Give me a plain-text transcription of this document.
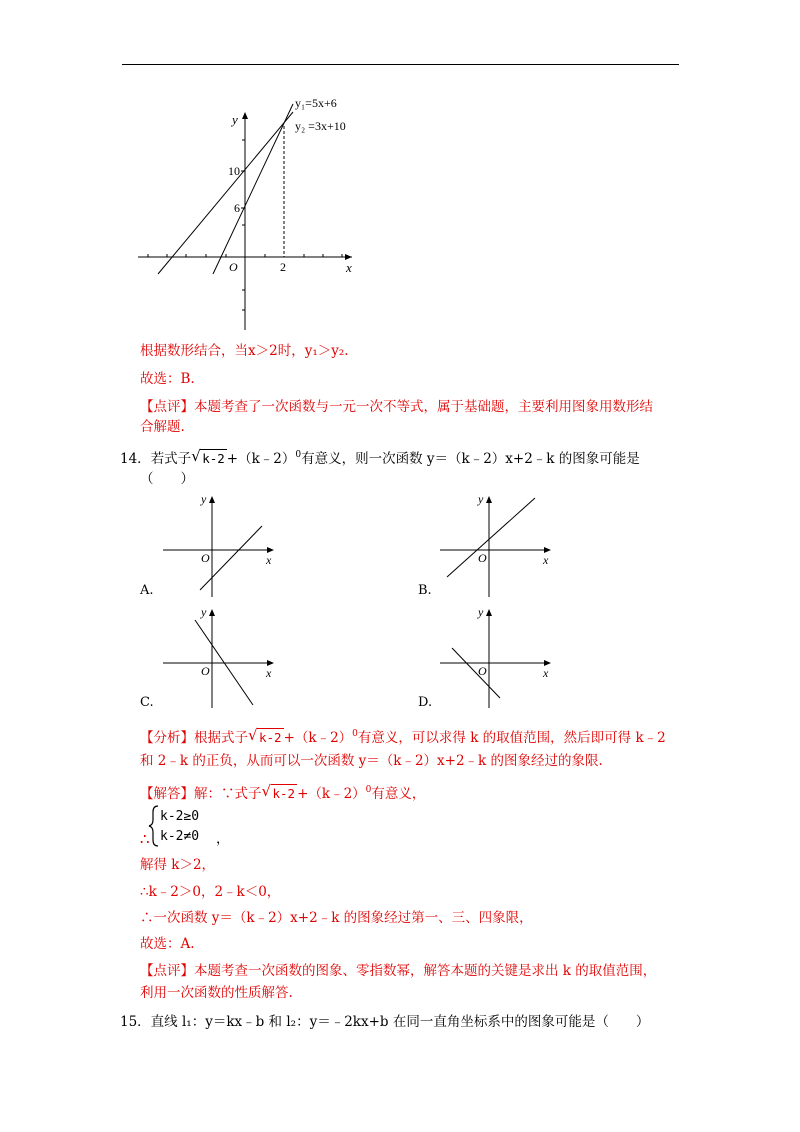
y
x
O
10
6
2
y₁=5x+6
y₂ =3x+10
根据数形结合，当x＞2时，y₁＞y₂.
故选：B.
【点评】本题考查了一次函数与一元一次不等式，属于基础题，主要利用图象用数形结
合解题.
14．若式子 √ k-2 +（k﹣2）$^0$有意义，则一次函数 y＝（k﹣2）x+2﹣k 的图象可能是
（　　）
y
x
O
y
x
O
y
x
O
y
x
O
A.	B.
C.	D.
【分析】根据式子 √ k-2 +（k﹣2）$^0$有意义，可以求得 k 的取值范围，然后即可得 k﹣2
和 2﹣k 的正负，从而可以一次函数 y＝（k﹣2）x+2﹣k 的图象经过的象限.
【解答】解：∵式子 √ k-2 +（k﹣2）$^0$有意义，
∴
k-2≥0
k-2≠0 ，
解得 k＞2，
∴k﹣2＞0，2﹣k＜0，
∴一次函数 y＝（k﹣2）x+2﹣k 的图象经过第一、三、四象限，
故选：A.
【点评】本题考查一次函数的图象、零指数幂，解答本题的关键是求出 k 的取值范围，
利用一次函数的性质解答.
15．直线 l₁：y＝kx﹣b 和 l₂：y＝﹣2kx+b 在同一直角坐标系中的图象可能是（　　）
